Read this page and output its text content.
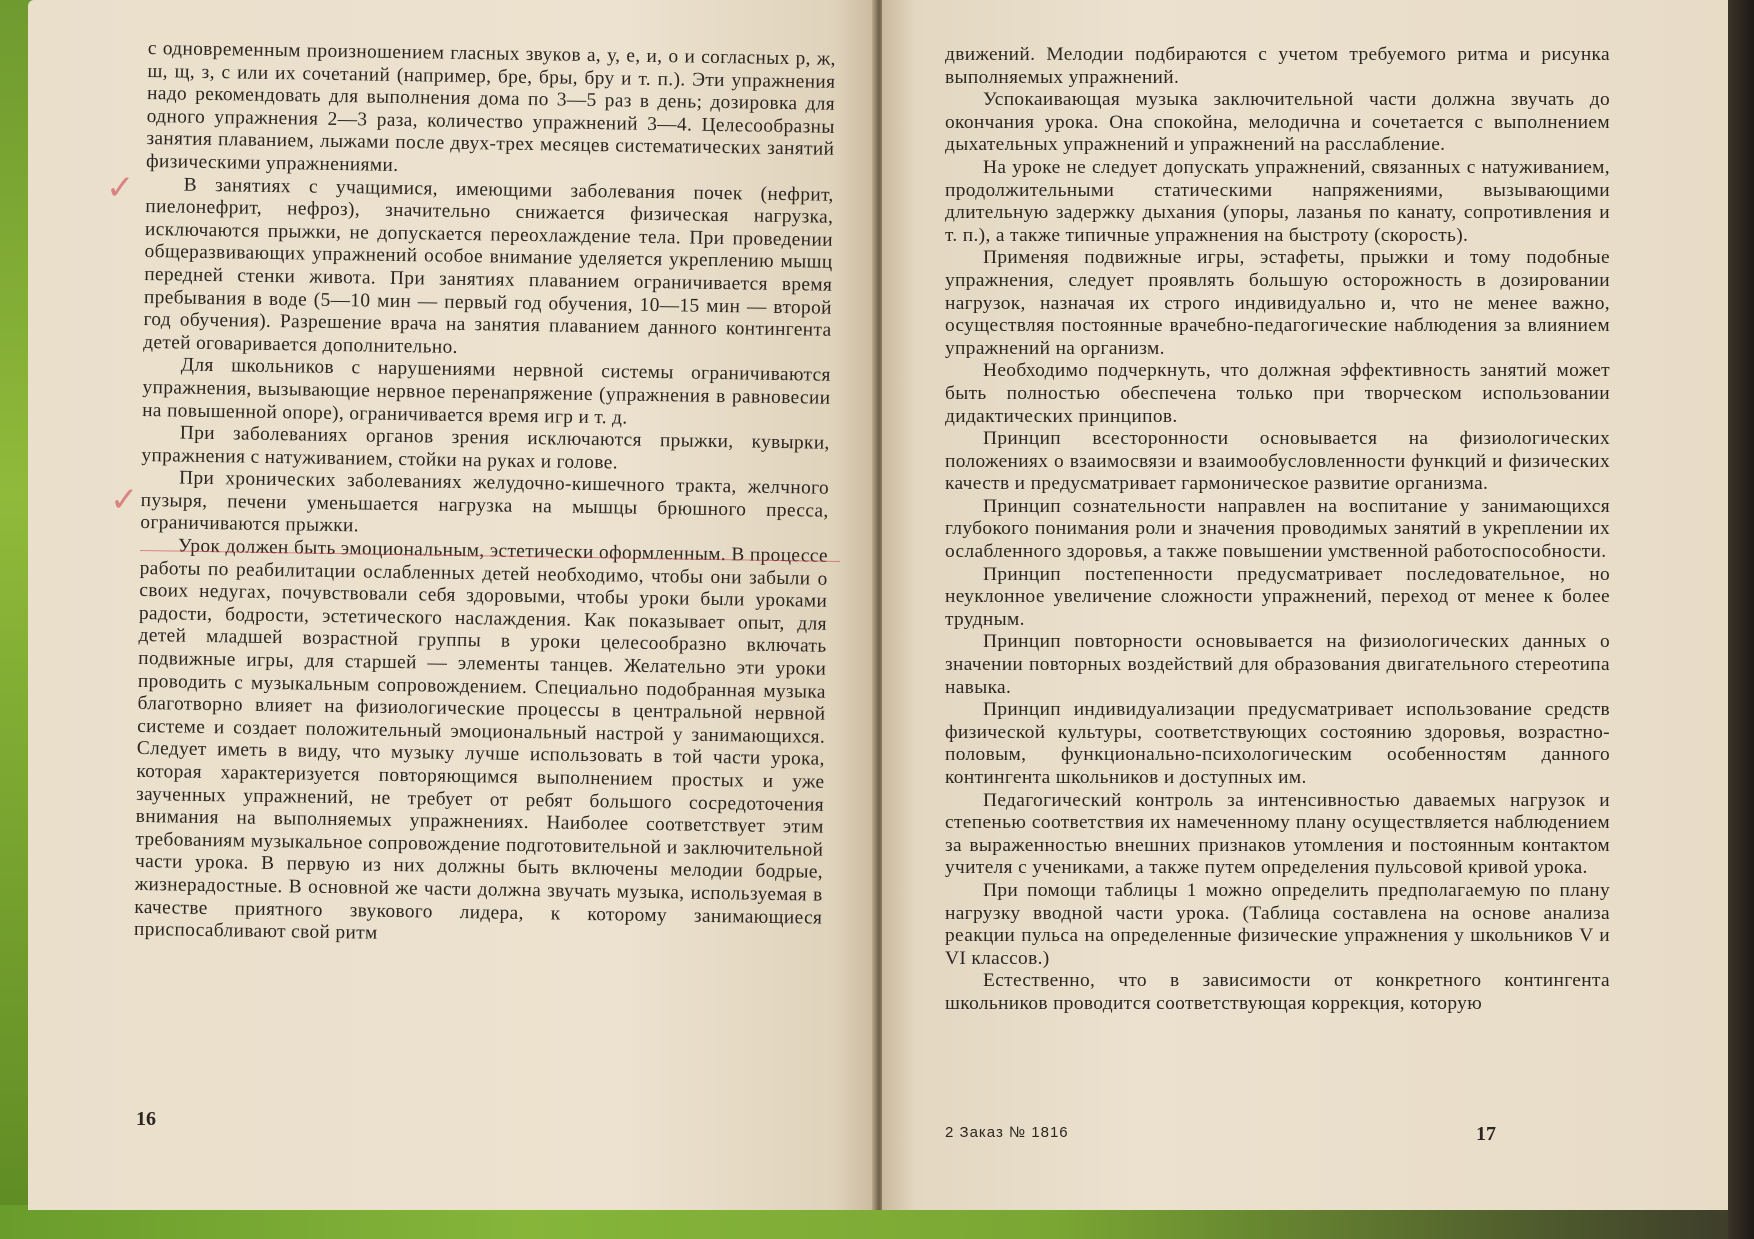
с одновременным произношением гласных звуков а, у, е, и, о и согласных р, ж, ш, щ, з, с или их сочетаний (например, бре, бры, бру и т. п.). Эти упражнения надо рекомендовать для выполнения дома по 3—5 раз в день; дозировка для одного упражнения 2—3 раза, количество упражнений 3—4. Целесообразны занятия плаванием, лыжами после двух-трех месяцев систематических занятий физическими упражнениями.

В занятиях с учащимися, имеющими заболевания почек (нефрит, пиелонефрит, нефроз), значительно снижается физическая нагрузка, исключаются прыжки, не допускается переохлаждение тела. При проведении общеразвивающих упражнений особое внимание уделяется укреплению мышц передней стенки живота. При занятиях плаванием ограничивается время пребывания в воде (5—10 мин — первый год обучения, 10—15 мин — второй год обучения). Разрешение врача на занятия плаванием данного контингента детей оговаривается дополнительно.

Для школьников с нарушениями нервной системы ограничиваются упражнения, вызывающие нервное перенапряжение (упражнения в равновесии на повышенной опоре), ограничивается время игр и т. д.

При заболеваниях органов зрения исключаются прыжки, кувырки, упражнения с натуживанием, стойки на руках и голове.

При хронических заболеваниях желудочно-кишечного тракта, желчного пузыря, печени уменьшается нагрузка на мышцы брюшного пресса, ограничиваются прыжки.

Урок должен быть эмоциональным, эстетически оформленным. В процессе работы по реабилитации ослабленных детей необходимо, чтобы они забыли о своих недугах, почувствовали себя здоровыми, чтобы уроки были уроками радости, бодрости, эстетического наслаждения. Как показывает опыт, для детей младшей возрастной группы в уроки целесообразно включать подвижные игры, для старшей — элементы танцев. Желательно эти уроки проводить с музыкальным сопровождением. Специально подобранная музыка благотворно влияет на физиологические процессы в центральной нервной системе и создает положительный эмоциональный настрой у занимающихся. Следует иметь в виду, что музыку лучше использовать в той части урока, которая характеризуется повторяющимся выполнением простых и уже заученных упражнений, не требует от ребят большого сосредоточения внимания на выполняемых упражнениях. Наиболее соответствует этим требованиям музыкальное сопровождение подготовительной и заключительной части урока. В первую из них должны быть включены мелодии бодрые, жизнерадостные. В основной же части должна звучать музыка, используемая в качестве приятного звукового лидера, к которому занимающиеся приспосабливают свой ритм

✓
✓
16

движений. Мелодии подбираются с учетом требуемого ритма и рисунка выполняемых упражнений.

Успокаивающая музыка заключительной части должна звучать до окончания урока. Она спокойна, мелодична и сочетается с выполнением дыхательных упражнений и упражнений на расслабление.

На уроке не следует допускать упражнений, связанных с натуживанием, продолжительными статическими напряжениями, вызывающими длительную задержку дыхания (упоры, лазанья по канату, сопротивления и т. п.), а также типичные упражнения на быстроту (скорость).

Применяя подвижные игры, эстафеты, прыжки и тому подобные упражнения, следует проявлять большую осторожность в дозировании нагрузок, назначая их строго индивидуально и, что не менее важно, осуществляя постоянные врачебно-педагогические наблюдения за влиянием упражнений на организм.

Необходимо подчеркнуть, что должная эффективность занятий может быть полностью обеспечена только при творческом использовании дидактических принципов.

Принцип всесторонности основывается на физиологических положениях о взаимосвязи и взаимообусловленности функций и физических качеств и предусматривает гармоническое развитие организма.

Принцип сознательности направлен на воспитание у занимающихся глубокого понимания роли и значения проводимых занятий в укреплении их ослабленного здоровья, а также повышении умственной работоспособности.

Принцип постепенности предусматривает последовательное, но неуклонное увеличение сложности упражнений, переход от менее к более трудным.

Принцип повторности основывается на физиологических данных о значении повторных воздействий для образования двигательного стереотипа навыка.

Принцип индивидуализации предусматривает использование средств физической культуры, соответствующих состоянию здоровья, возрастно-половым, функционально-психологическим особенностям данного контингента школьников и доступных им.

Педагогический контроль за интенсивностью даваемых нагрузок и степенью соответствия их намеченному плану осуществляется наблюдением за выраженностью внешних признаков утомления и постоянным контактом учителя с учениками, а также путем определения пульсовой кривой урока.

При помощи таблицы 1 можно определить предполагаемую по плану нагрузку вводной части урока. (Таблица составлена на основе анализа реакции пульса на определенные физические упражнения у школьников V и VI классов.)

Естественно, что в зависимости от конкретного контингента школьников проводится соответствующая коррекция, которую

2 Заказ № 1816	17
